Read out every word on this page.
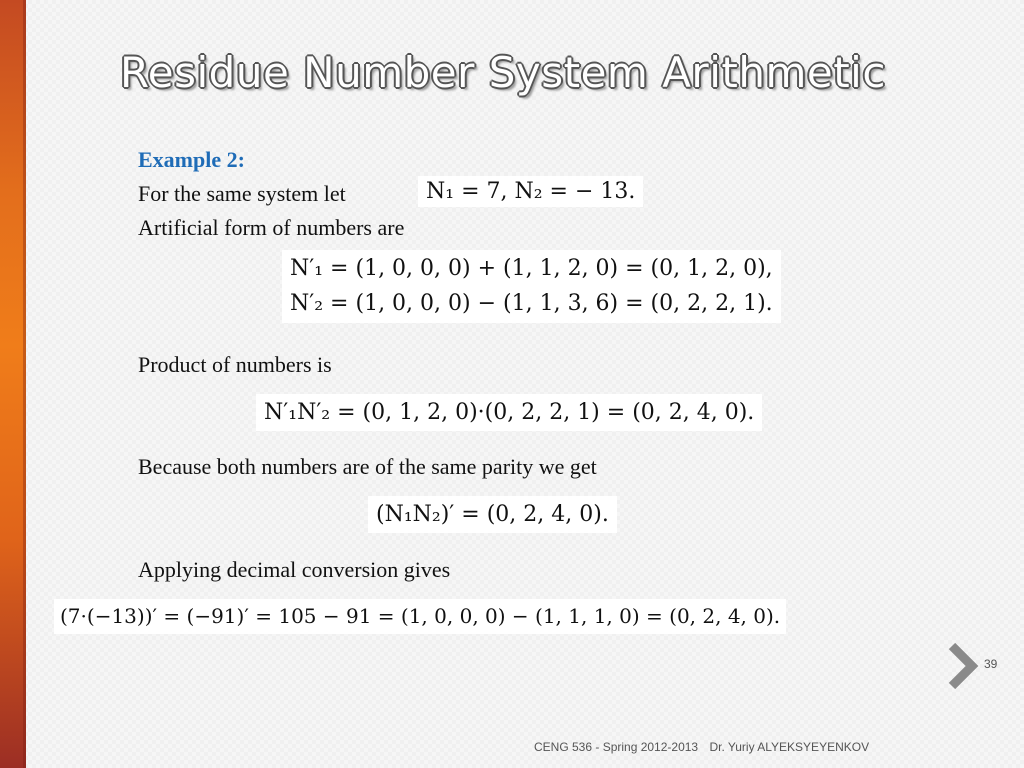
Residue Number System Arithmetic
Example 2:
For the same system let	N₁ = 7, N₂ = − 13.
Artificial form of numbers are
N′₁ = (1, 0, 0, 0) + (1, 1, 2, 0) = (0, 1, 2, 0),
N′₂ = (1, 0, 0, 0) − (1, 1, 3, 6) = (0, 2, 2, 1).
Product of numbers is
N′₁N′₂ = (0, 1, 2, 0)·(0, 2, 2, 1) = (0, 2, 4, 0).
Because both numbers are of the same parity we get
(N₁N₂)′ = (0, 2, 4, 0).
Applying decimal conversion gives
(7·(−13))′ = (−91)′ = 105 − 91 = (1, 0, 0, 0) − (1, 1, 1, 0) = (0, 2, 4, 0).
39
CENG 536 - Spring 2012-2013 Dr. Yuriy ALYEKSYEYENKOV
